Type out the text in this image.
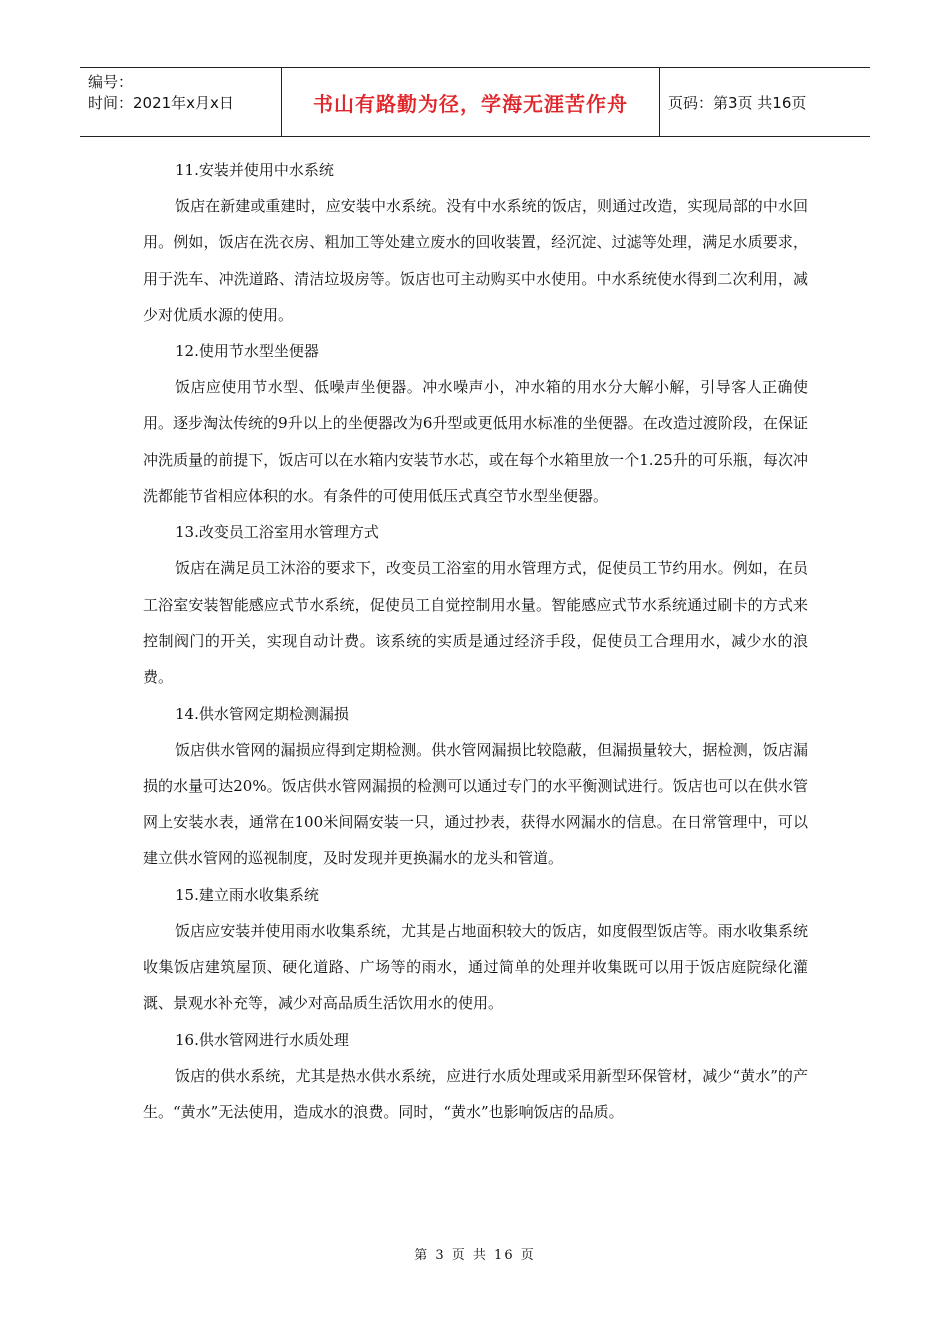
编号：
时间：2021年x月x日	书山有路勤为径，学海无涯苦作舟	页码：第3页 共16页
11.安装并使用中水系统

饭店在新建或重建时，应安装中水系统。没有中水系统的饭店，则通过改造，实现局部的中水回用。例如，饭店在洗衣房、粗加工等处建立废水的回收装置，经沉淀、过滤等处理，满足水质要求，用于洗车、冲洗道路、清洁垃圾房等。饭店也可主动购买中水使用。中水系统使水得到二次利用，减少对优质水源的使用。

12.使用节水型坐便器

饭店应使用节水型、低噪声坐便器。冲水噪声小，冲水箱的用水分大解小解，引导客人正确使用。逐步淘汰传统的9升以上的坐便器改为6升型或更低用水标准的坐便器。在改造过渡阶段，在保证冲洗质量的前提下，饭店可以在水箱内安装节水芯，或在每个水箱里放一个1.25升的可乐瓶，每次冲洗都能节省相应体积的水。有条件的可使用低压式真空节水型坐便器。

13.改变员工浴室用水管理方式

饭店在满足员工沐浴的要求下，改变员工浴室的用水管理方式，促使员工节约用水。例如，在员工浴室安装智能感应式节水系统，促使员工自觉控制用水量。智能感应式节水系统通过刷卡的方式来控制阀门的开关，实现自动计费。该系统的实质是通过经济手段，促使员工合理用水，减少水的浪费。

14.供水管网定期检测漏损

饭店供水管网的漏损应得到定期检测。供水管网漏损比较隐蔽，但漏损量较大，据检测，饭店漏损的水量可达20%。饭店供水管网漏损的检测可以通过专门的水平衡测试进行。饭店也可以在供水管网上安装水表，通常在100米间隔安装一只，通过抄表，获得水网漏水的信息。在日常管理中，可以建立供水管网的巡视制度，及时发现并更换漏水的龙头和管道。

15.建立雨水收集系统

饭店应安装并使用雨水收集系统，尤其是占地面积较大的饭店，如度假型饭店等。雨水收集系统收集饭店建筑屋顶、硬化道路、广场等的雨水，通过简单的处理并收集既可以用于饭店庭院绿化灌溉、景观水补充等，减少对高品质生活饮用水的使用。

16.供水管网进行水质处理

饭店的供水系统，尤其是热水供水系统，应进行水质处理或采用新型环保管材，减少“黄水”的产生。“黄水”无法使用，造成水的浪费。同时，“黄水”也影响饭店的品质。

第 3 页 共 16 页
